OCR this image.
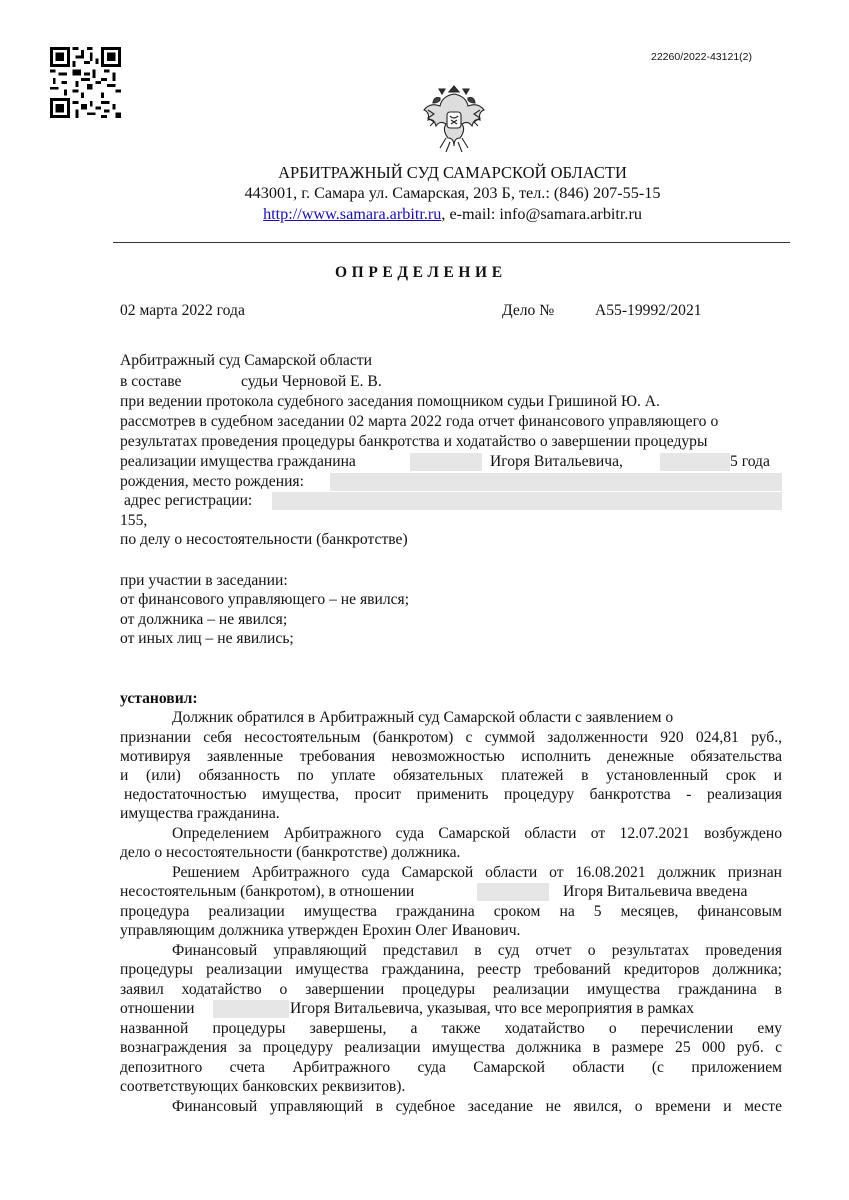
22260/2022-43121(2)
АРБИТРАЖНЫЙ СУД САМАРСКОЙ ОБЛАСТИ
443001, г. Самара ул. Самарская, 203 Б, тел.: (846) 207-55-15
http://www.samara.arbitr.ru, e-mail: info@samara.arbitr.ru
ОПРЕДЕЛЕНИЕ
02 марта 2022 года	Дело №	А55-19992/2021
Арбитражный суд Самарской области
в составе	судьи Черновой Е. В.
при ведении протокола судебного заседания помощником судьи Гришиной Ю. А.
рассмотрев в судебном заседании 02 марта 2022 года отчет финансового управляющего о
результатах проведения процедуры банкротства и ходатайство о завершении процедуры
реализации имущества гражданина	Игоря Витальевича,	5 года
рождения, место рождения:
адрес регистрации:
155,
по делу о несостоятельности (банкротстве)
при участии в заседании:
от финансового управляющего – не явился;
от должника – не явился;
от иных лиц – не явились;
установил:
Должник обратился в Арбитражный суд Самарской области с заявлением о
признании себя несостоятельным (банкротом) с суммой задолженности 920 024,81 руб.,
мотивируя заявленные требования невозможностью исполнить денежные обязательства
и (или) обязанность по уплате обязательных платежей в установленный срок и
недостаточностью имущества, просит применить процедуру банкротства - реализация
имущества гражданина.
Определением Арбитражного суда Самарской области от 12.07.2021 возбуждено
дело о несостоятельности (банкротстве) должника.
Решением Арбитражного суда Самарской области от 16.08.2021 должник признан
несостоятельным (банкротом), в отношении	Игоря Витальевича введена
процедура реализации имущества гражданина сроком на 5 месяцев, финансовым
управляющим должника утвержден Ерохин Олег Иванович.
Финансовый управляющий представил в суд отчет о результатах проведения
процедуры реализации имущества гражданина, реестр требований кредиторов должника;
заявил ходатайство о завершении процедуры реализации имущества гражданина в
отношении	Игоря Витальевича, указывая, что все мероприятия в рамках
названной процедуры завершены, а также ходатайство о перечислении ему
вознаграждения за процедуру реализации имущества должника в размере 25 000 руб. с
депозитного счета Арбитражного суда Самарской области (с приложением
соответствующих банковских реквизитов).
Финансовый управляющий в судебное заседание не явился, о времени и месте
